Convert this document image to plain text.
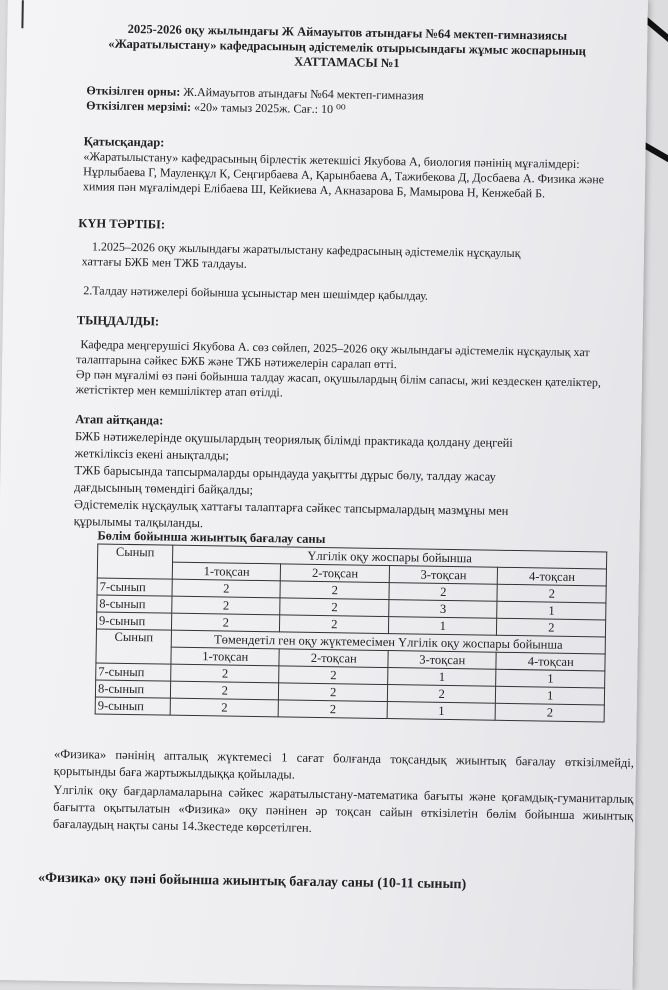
2025-2026 оқу жылындағы Ж Аймауытов атындағы №64 мектеп-гимназиясы
«Жаратылыстану» кафедрасының әдістемелік отырысындағы жұмыс жоспарының
ХАТТАМАСЫ №1
Өткізілген орны: Ж.Аймауытов атындағы №64 мектеп-гимназия
Өткізілген мерзімі: «20» тамыз 2025ж. Сағ.: 10 ⁰⁰
Қатысқандар:

«Жаратылыстану» кафедрасының бірлестік жетекшісі Якубова А, биология пәнінің мұғалімдері: Нұрлыбаева Г, Мауленқұл К, Сеңгирбаева А, Қарынбаева А, Тажибекова Д, Досбаева А. Физика және химия пән мұғалімдері Елібаева Ш, Кейкиева А, Акназарова Б, Мамырова Н, Кенжебай Б.

КҮН ТӘРТІБІ:

1.2025–2026 оқу жылындағы жаратылыстану кафедрасының әдістемелік нұсқаулық хаттағы БЖБ мен ТЖБ талдауы.

2.Талдау нәтижелері бойынша ұсыныстар мен шешімдер қабылдау.

ТЫҢДАЛДЫ:

Кафедра меңгерушісі Якубова А. сөз сөйлеп, 2025–2026 оқу жылындағы әдістемелік нұсқаулық хат талаптарына сәйкес БЖБ және ТЖБ нәтижелерін саралап өтті.

Әр пән мұғалімі өз пәні бойынша талдау жасап, оқушылардың білім сапасы, жиі кездескен қателіктер, жетістіктер мен кемшіліктер атап өтілді.

Атап айтқанда:

БЖБ нәтижелерінде оқушылардың теориялық білімді практикада қолдану деңгейі жеткіліксіз екені анықталды;

ТЖБ барысында тапсырмаларды орындауда уақытты дұрыс бөлу, талдау жасау дағдысының төмендігі байқалды;

Әдістемелік нұсқаулық хаттағы талаптарға сәйкес тапсырмалардың мазмұны мен құрылымы талқыланды.

Бөлім бойынша жиынтық бағалау саны
Сынып	Үлгілік оқу жоспары бойынша			
	1-тоқсан	2-тоқсан	3-тоқсан	4-тоқсан
7-сынып	2	2	2	2
8-сынып	2	2	3	1
9-сынып	2	2	1	2
Сынып	Төмендетіл ген оқу жүктемесімен Үлгілік оқу жоспары бойынша			
	1-тоқсан	2-тоқсан	3-тоқсан	4-тоқсан
7-сынып	2	2	1	1
8-сынып	2	2	2	1
9-сынып	2	2	1	2

«Физика» пәнінің апталық жүктемесі 1 сағат болғанда тоқсандық жиынтық бағалау өткізілмейді, қорытынды баға жартыжылдыққа қойылады.

Үлгілік оқу бағдарламаларына сәйкес жаратылыстану-математика бағыты және қоғамдық-гуманитарлық бағытта оқытылатын «Физика» оқу пәнінен әр тоқсан сайын өткізілетін бөлім бойынша жиынтық бағалаудың нақты саны 14.3кестеде көрсетілген.

«Физика» оқу пәні бойынша жиынтық бағалау саны (10-11 сынып)
